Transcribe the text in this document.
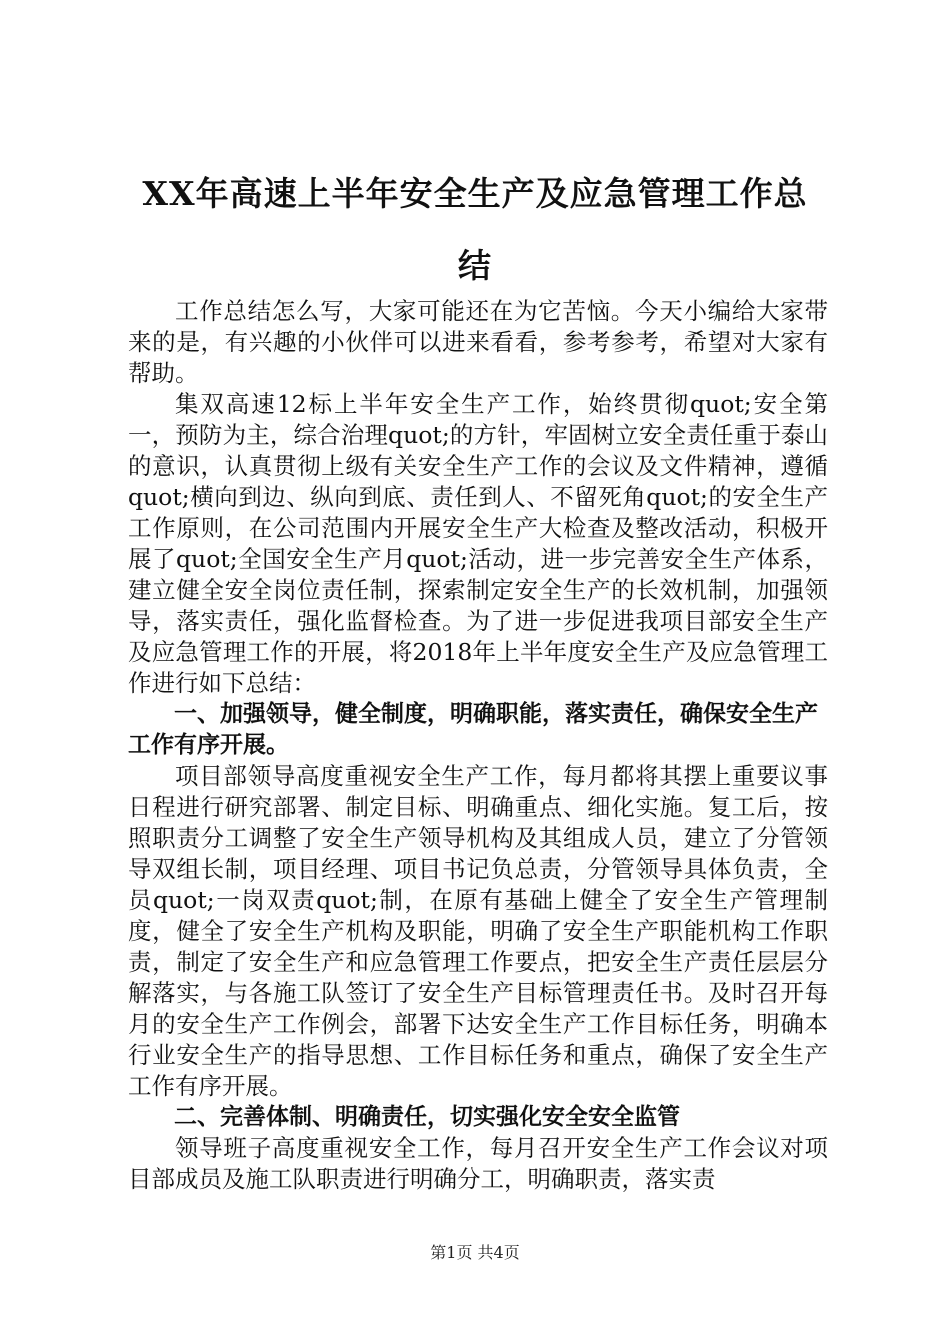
XX年高速上半年安全生产及应急管理工作总
结

工作总结怎么写，大家可能还在为它苦恼。今天小编给大家带来的是，有兴趣的小伙伴可以进来看看，参考参考，希望对大家有帮助。

集双高速12标上半年安全生产工作，始终贯彻quot;安全第一，预防为主，综合治理quot;的方针，牢固树立安全责任重于泰山的意识，认真贯彻上级有关安全生产工作的会议及文件精神，遵循quot;横向到边、纵向到底、责任到人、不留死角quot;的安全生产工作原则，在公司范围内开展安全生产大检查及整改活动，积极开展了quot;全国安全生产月quot;活动，进一步完善安全生产体系，建立健全安全岗位责任制，探索制定安全生产的长效机制，加强领导，落实责任，强化监督检查。为了进一步促进我项目部安全生产及应急管理工作的开展，将2018年上半年度安全生产及应急管理工作进行如下总结：

一、加强领导，健全制度，明确职能，落实责任，确保安全生产工作有序开展。

项目部领导高度重视安全生产工作，每月都将其摆上重要议事日程进行研究部署、制定目标、明确重点、细化实施。复工后，按照职责分工调整了安全生产领导机构及其组成人员，建立了分管领导双组长制，项目经理、项目书记负总责，分管领导具体负责，全员quot;一岗双责quot;制，在原有基础上健全了安全生产管理制度，健全了安全生产机构及职能，明确了安全生产职能机构工作职责，制定了安全生产和应急管理工作要点，把安全生产责任层层分解落实，与各施工队签订了安全生产目标管理责任书。及时召开每月的安全生产工作例会，部署下达安全生产工作目标任务，明确本行业安全生产的指导思想、工作目标任务和重点，确保了安全生产工作有序开展。

二、完善体制、明确责任，切实强化安全安全监管

领导班子高度重视安全工作，每月召开安全生产工作会议对项目部成员及施工队职责进行明确分工，明确职责，落实责

第1页 共4页
